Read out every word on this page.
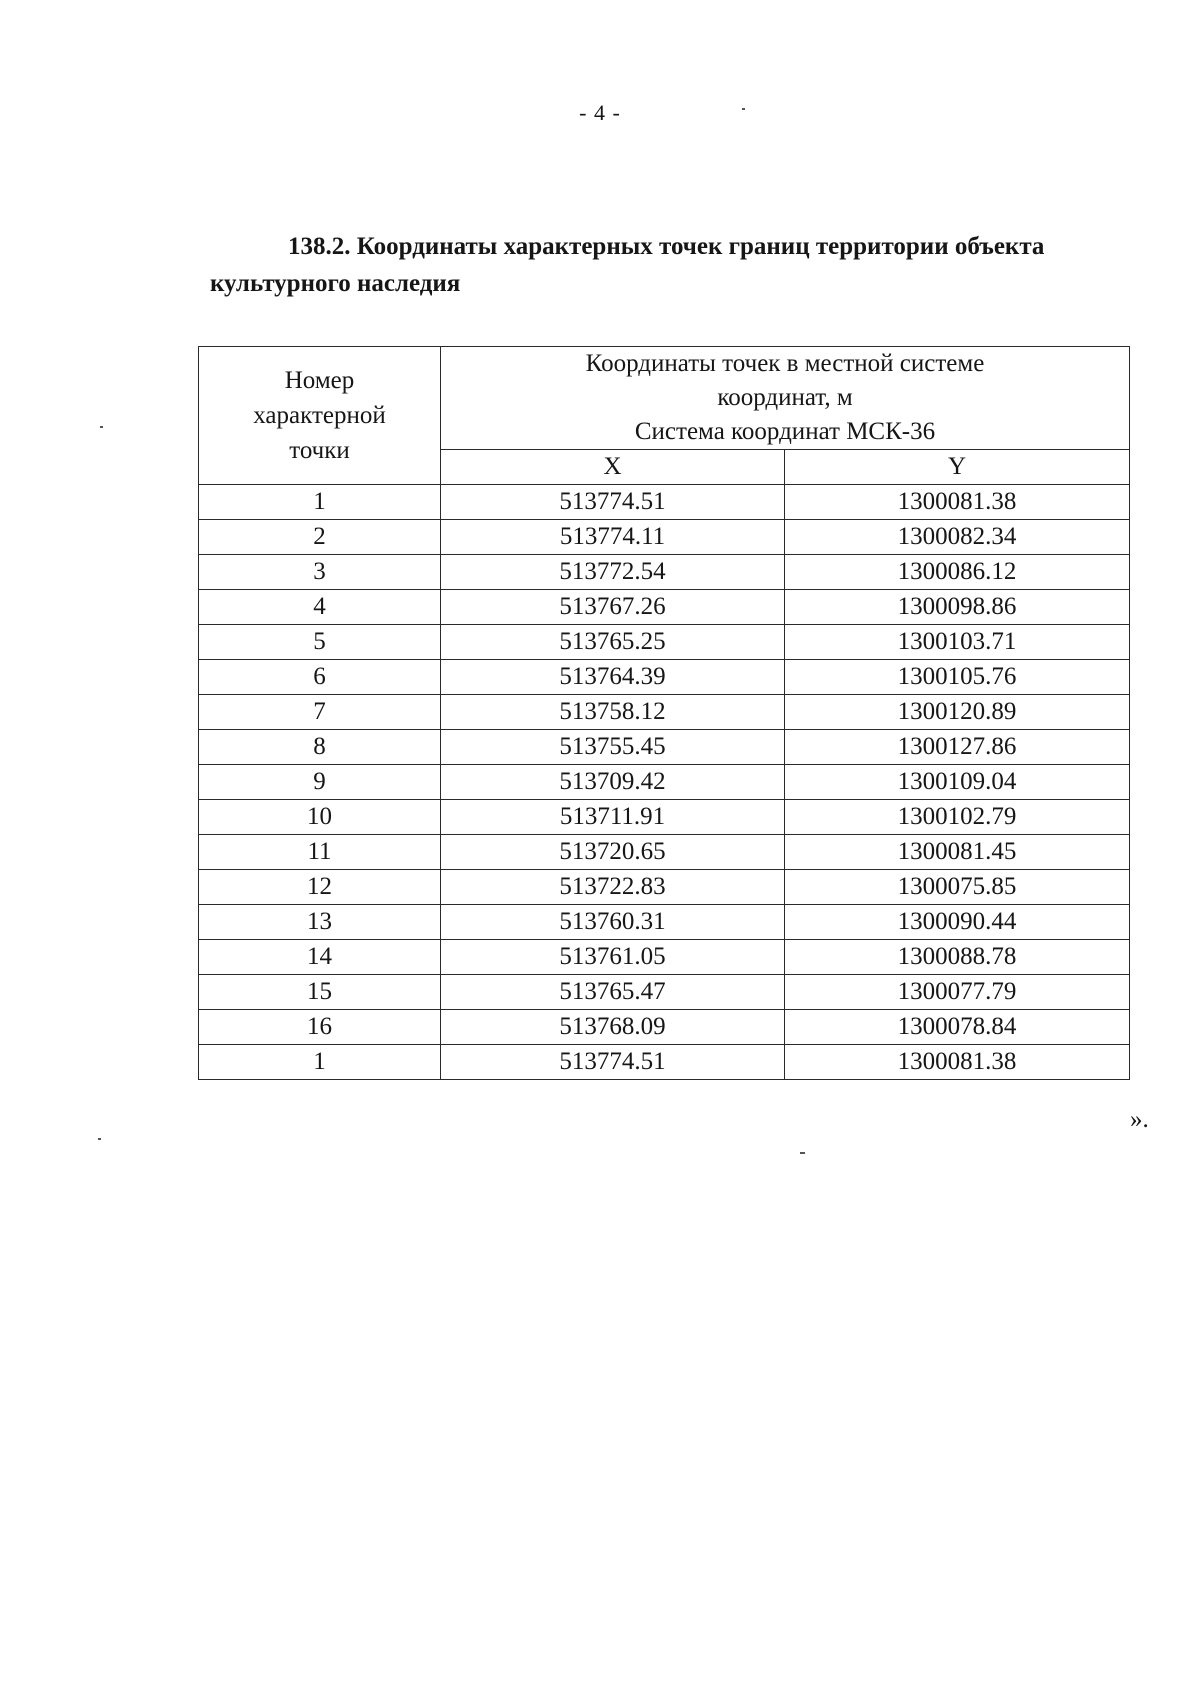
- 4 -

138.2. Координаты характерных точек границ территории объекта культурного наследия

Номер характерной точки	Координаты точек в местной системе координат, м
Система координат МСК-36	

	X	Y
1	513774.51	1300081.38
2	513774.11	1300082.34
3	513772.54	1300086.12
4	513767.26	1300098.86
5	513765.25	1300103.71
6	513764.39	1300105.76
7	513758.12	1300120.89
8	513755.45	1300127.86
9	513709.42	1300109.04
10	513711.91	1300102.79
11	513720.65	1300081.45
12	513722.83	1300075.85
13	513760.31	1300090.44
14	513761.05	1300088.78
15	513765.47	1300077.79
16	513768.09	1300078.84
1	513774.51	1300081.38
».
